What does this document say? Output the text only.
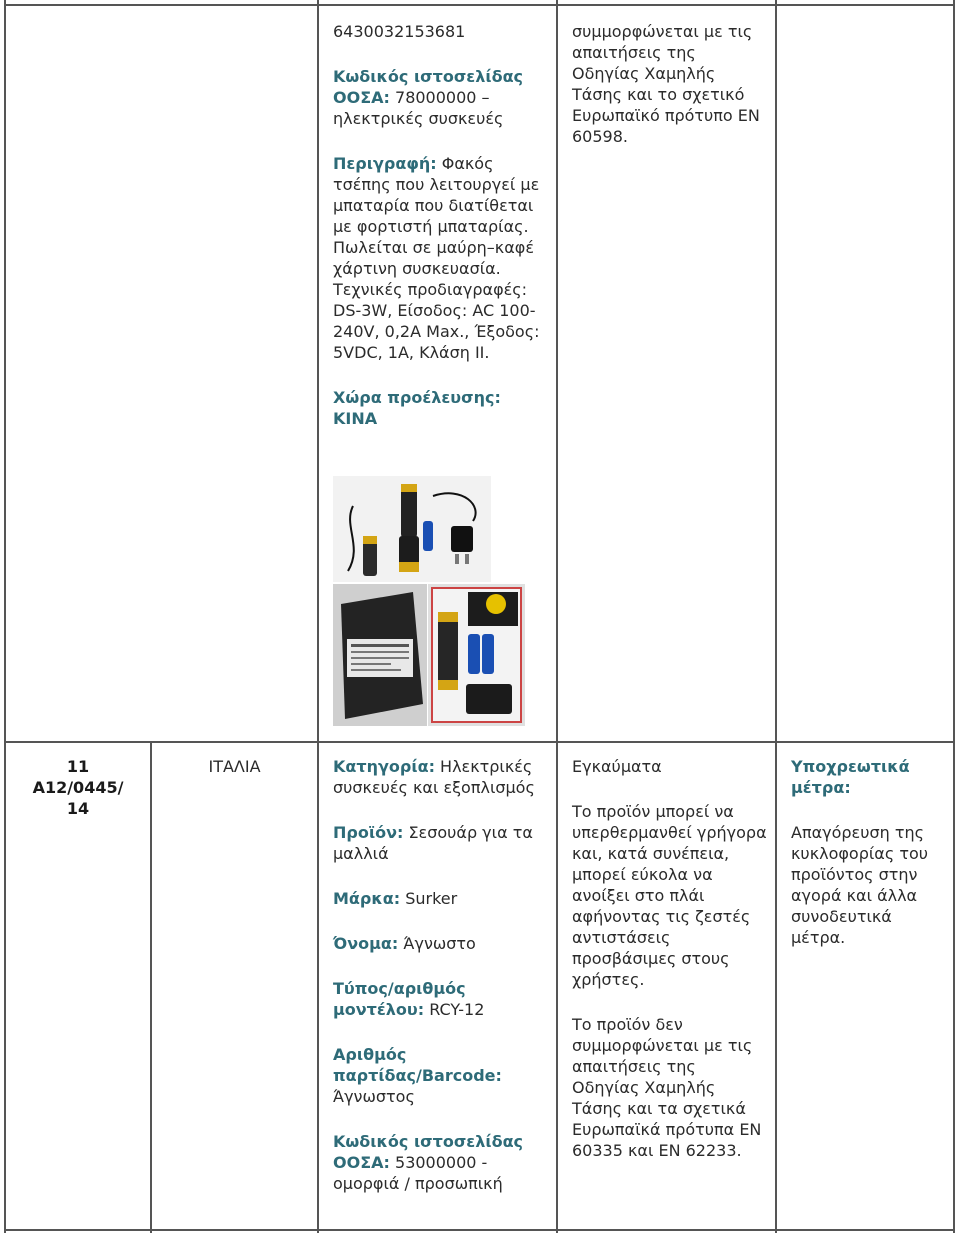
6430032153681

Κωδικός ιστοσελίδας ΟΟΣΑ: 78000000 – ηλεκτρικές συσκευές

Περιγραφή: Φακός τσέπης που λειτουργεί με μπαταρία που διατίθεται με φορτιστή μπαταρίας. Πωλείται σε μαύρη–καφέ χάρτινη συσκευασία. Τεχνικές προδιαγραφές: DS-3W, Είσοδος: AC 100-240V, 0,2A Max., Έξοδος: 5VDC, 1A, Κλάση II.

Χώρα προέλευσης:
ΚΙΝΑ

συμμορφώνεται με τις απαιτήσεις της Οδηγίας Χαμηλής Τάσης και το σχετικό Ευρωπαϊκό πρότυπο EN 60598.

11
A12/0445/ 14
ΙΤΑΛΙΑ	Κατηγορία: Ηλεκτρικές συσκευές και εξοπλισμός

Προϊόν: Σεσουάρ για τα μαλλιά

Μάρκα: Surker

Όνομα: Άγνωστο

Τύπος/αριθμός μοντέλου: RCY-12

Αριθμός παρτίδας/Barcode: Άγνωστος

Κωδικός ιστοσελίδας ΟΟΣΑ: 53000000 - ομορφιά / προσωπική

Εγκαύματα

Το προϊόν μπορεί να υπερθερμανθεί γρήγορα και, κατά συνέπεια, μπορεί εύκολα να ανοίξει στο πλάι αφήνοντας τις ζεστές αντιστάσεις προσβάσιμες στους χρήστες.

Το προϊόν δεν συμμορφώνεται με τις απαιτήσεις της Οδηγίας Χαμηλής Τάσης και τα σχετικά Ευρωπαϊκά πρότυπα EN 60335 και EN 62233.

Υποχρεωτικά μέτρα:

Απαγόρευση της κυκλοφορίας του προϊόντος στην αγορά και άλλα συνοδευτικά μέτρα.
